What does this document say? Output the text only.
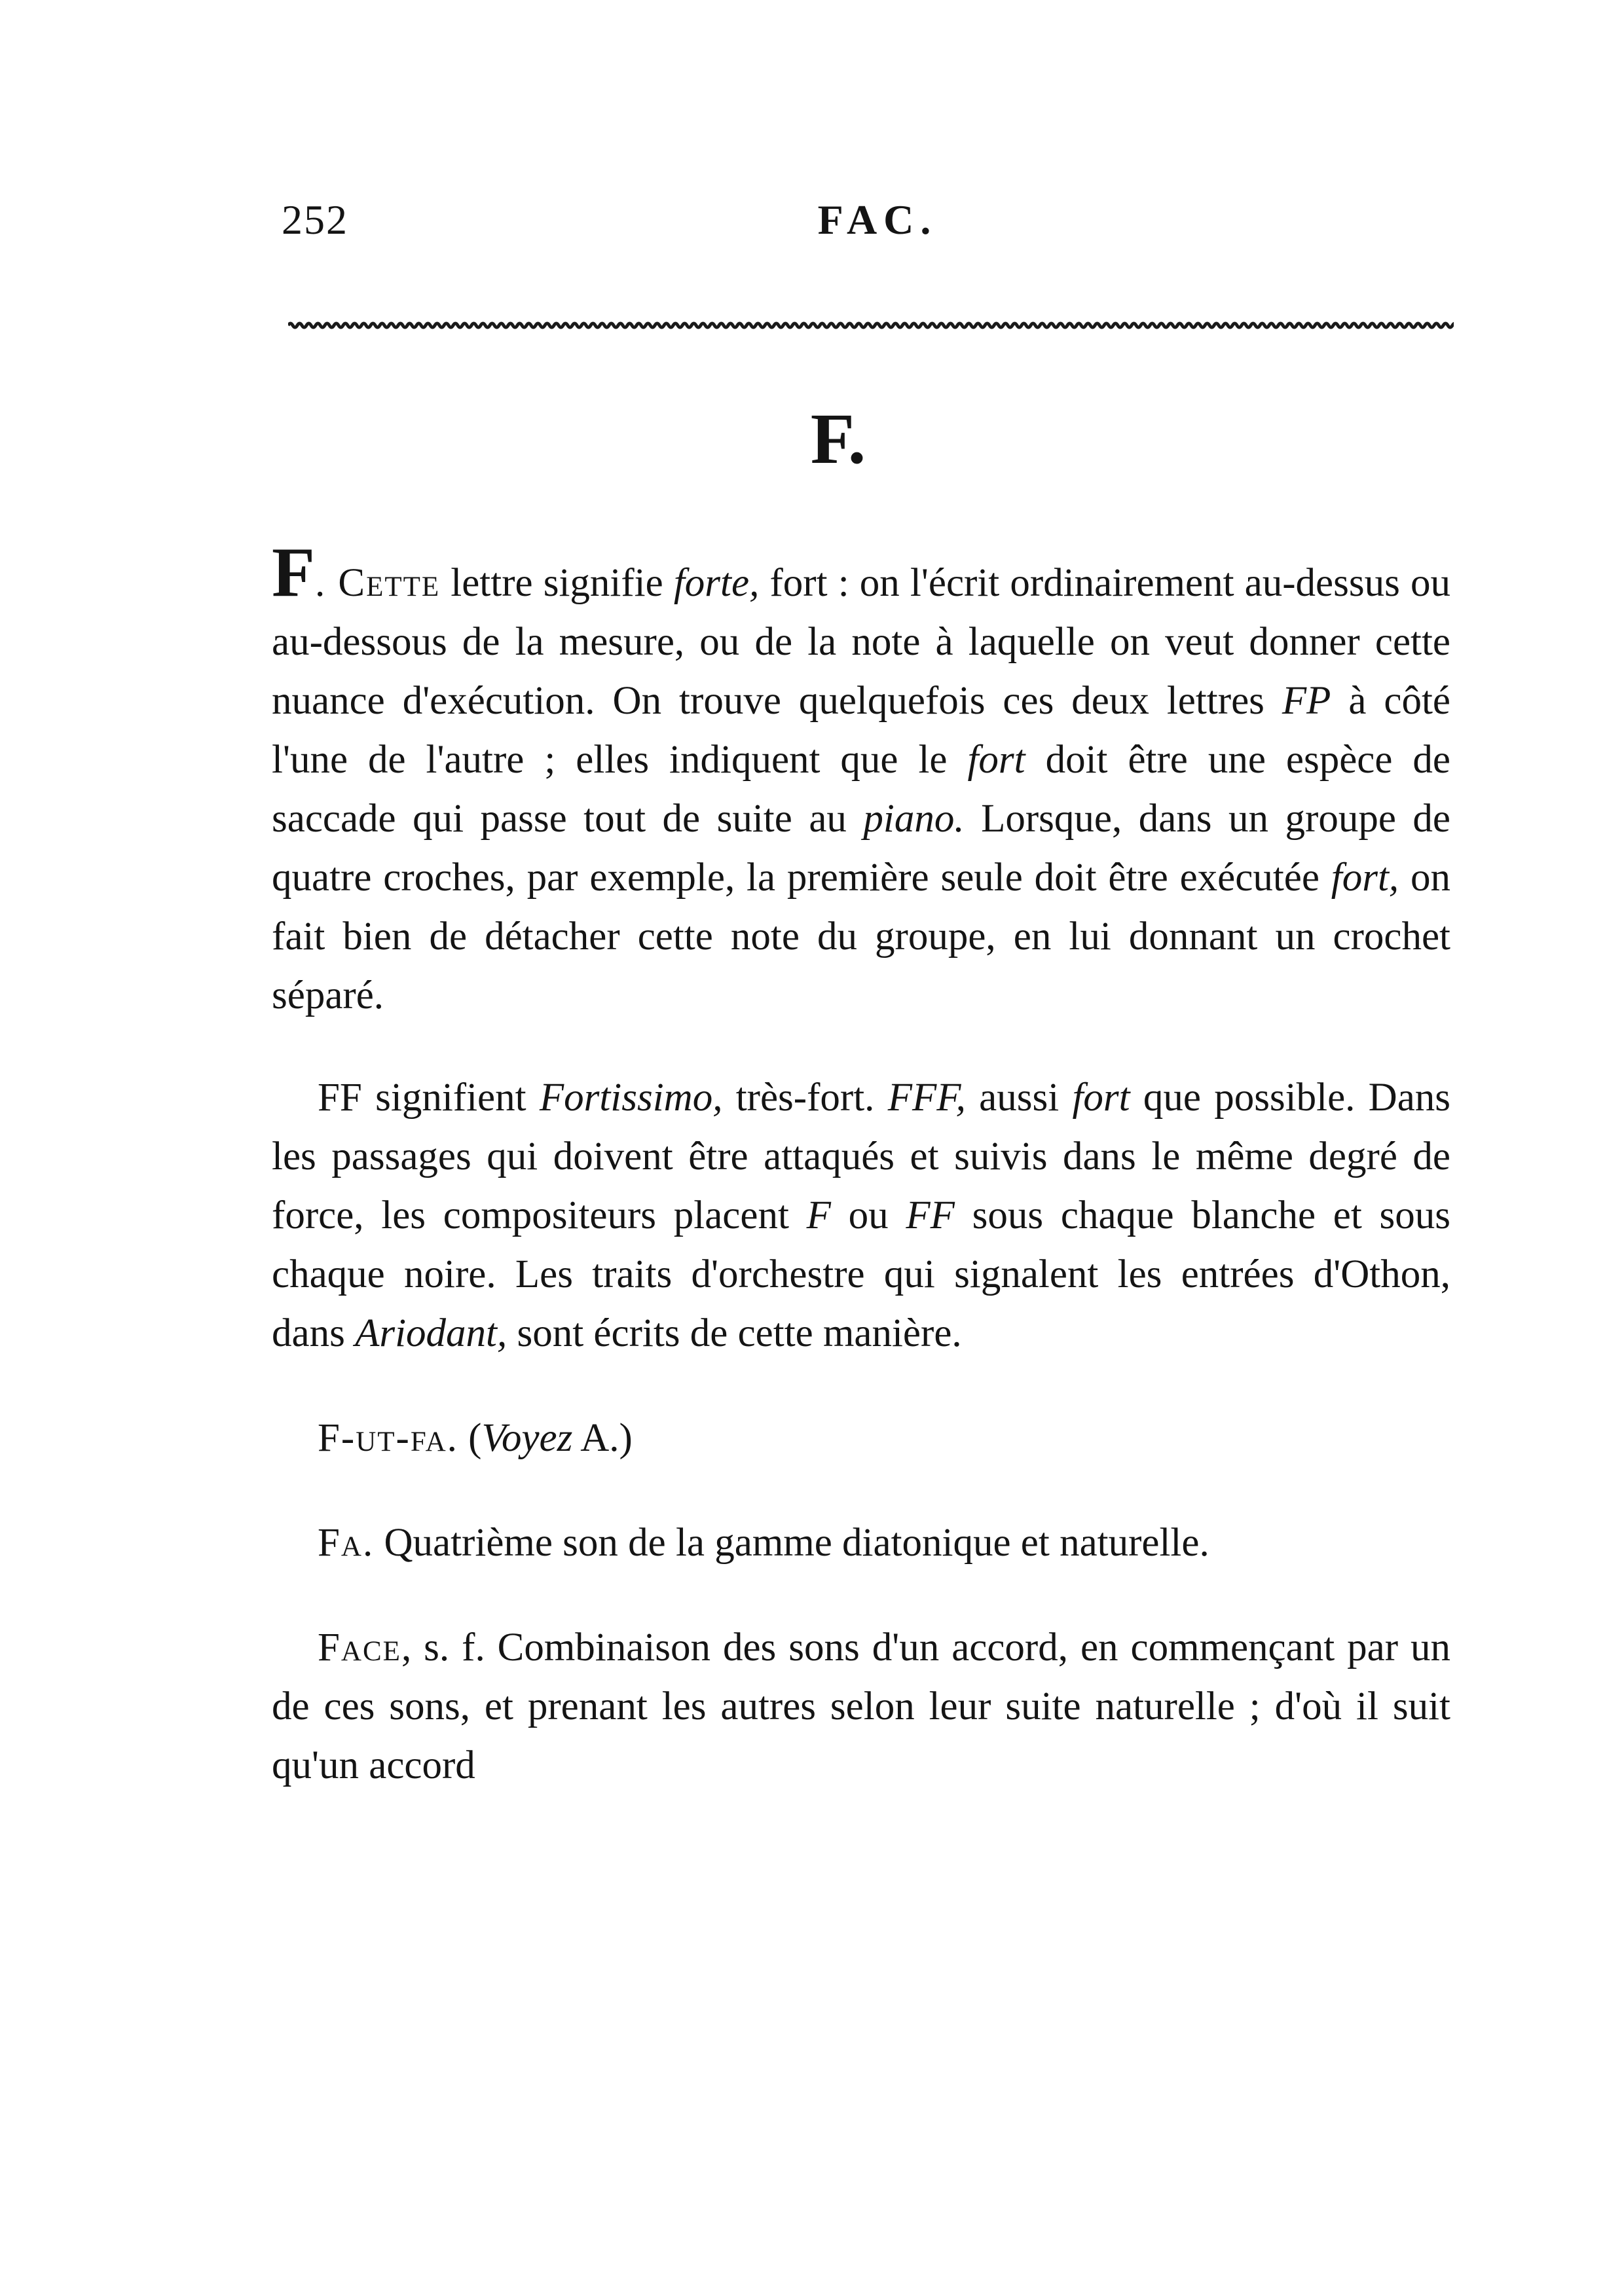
252	FAC.
F.

F. Cette lettre signifie forte, fort : on l'écrit ordinairement au-dessus ou au-dessous de la mesure, ou de la note à laquelle on veut donner cette nuance d'exécution. On trouve quelquefois ces deux lettres FP à côté l'une de l'autre ; elles indiquent que le fort doit être une espèce de saccade qui passe tout de suite au piano. Lorsque, dans un groupe de quatre croches, par exemple, la première seule doit être exécutée fort, on fait bien de détacher cette note du groupe, en lui donnant un crochet séparé.

FF signifient Fortissimo, très-fort. FFF, aussi fort que possible. Dans les passages qui doivent être attaqués et suivis dans le même degré de force, les compositeurs placent F ou FF sous chaque blanche et sous chaque noire. Les traits d'orchestre qui signalent les entrées d'Othon, dans Ariodant, sont écrits de cette manière.

F-ut-fa. (Voyez A.)

Fa. Quatrième son de la gamme diatonique et naturelle.

Face, s. f. Combinaison des sons d'un accord, en commençant par un de ces sons, et prenant les autres selon leur suite naturelle ; d'où il suit qu'un accord
